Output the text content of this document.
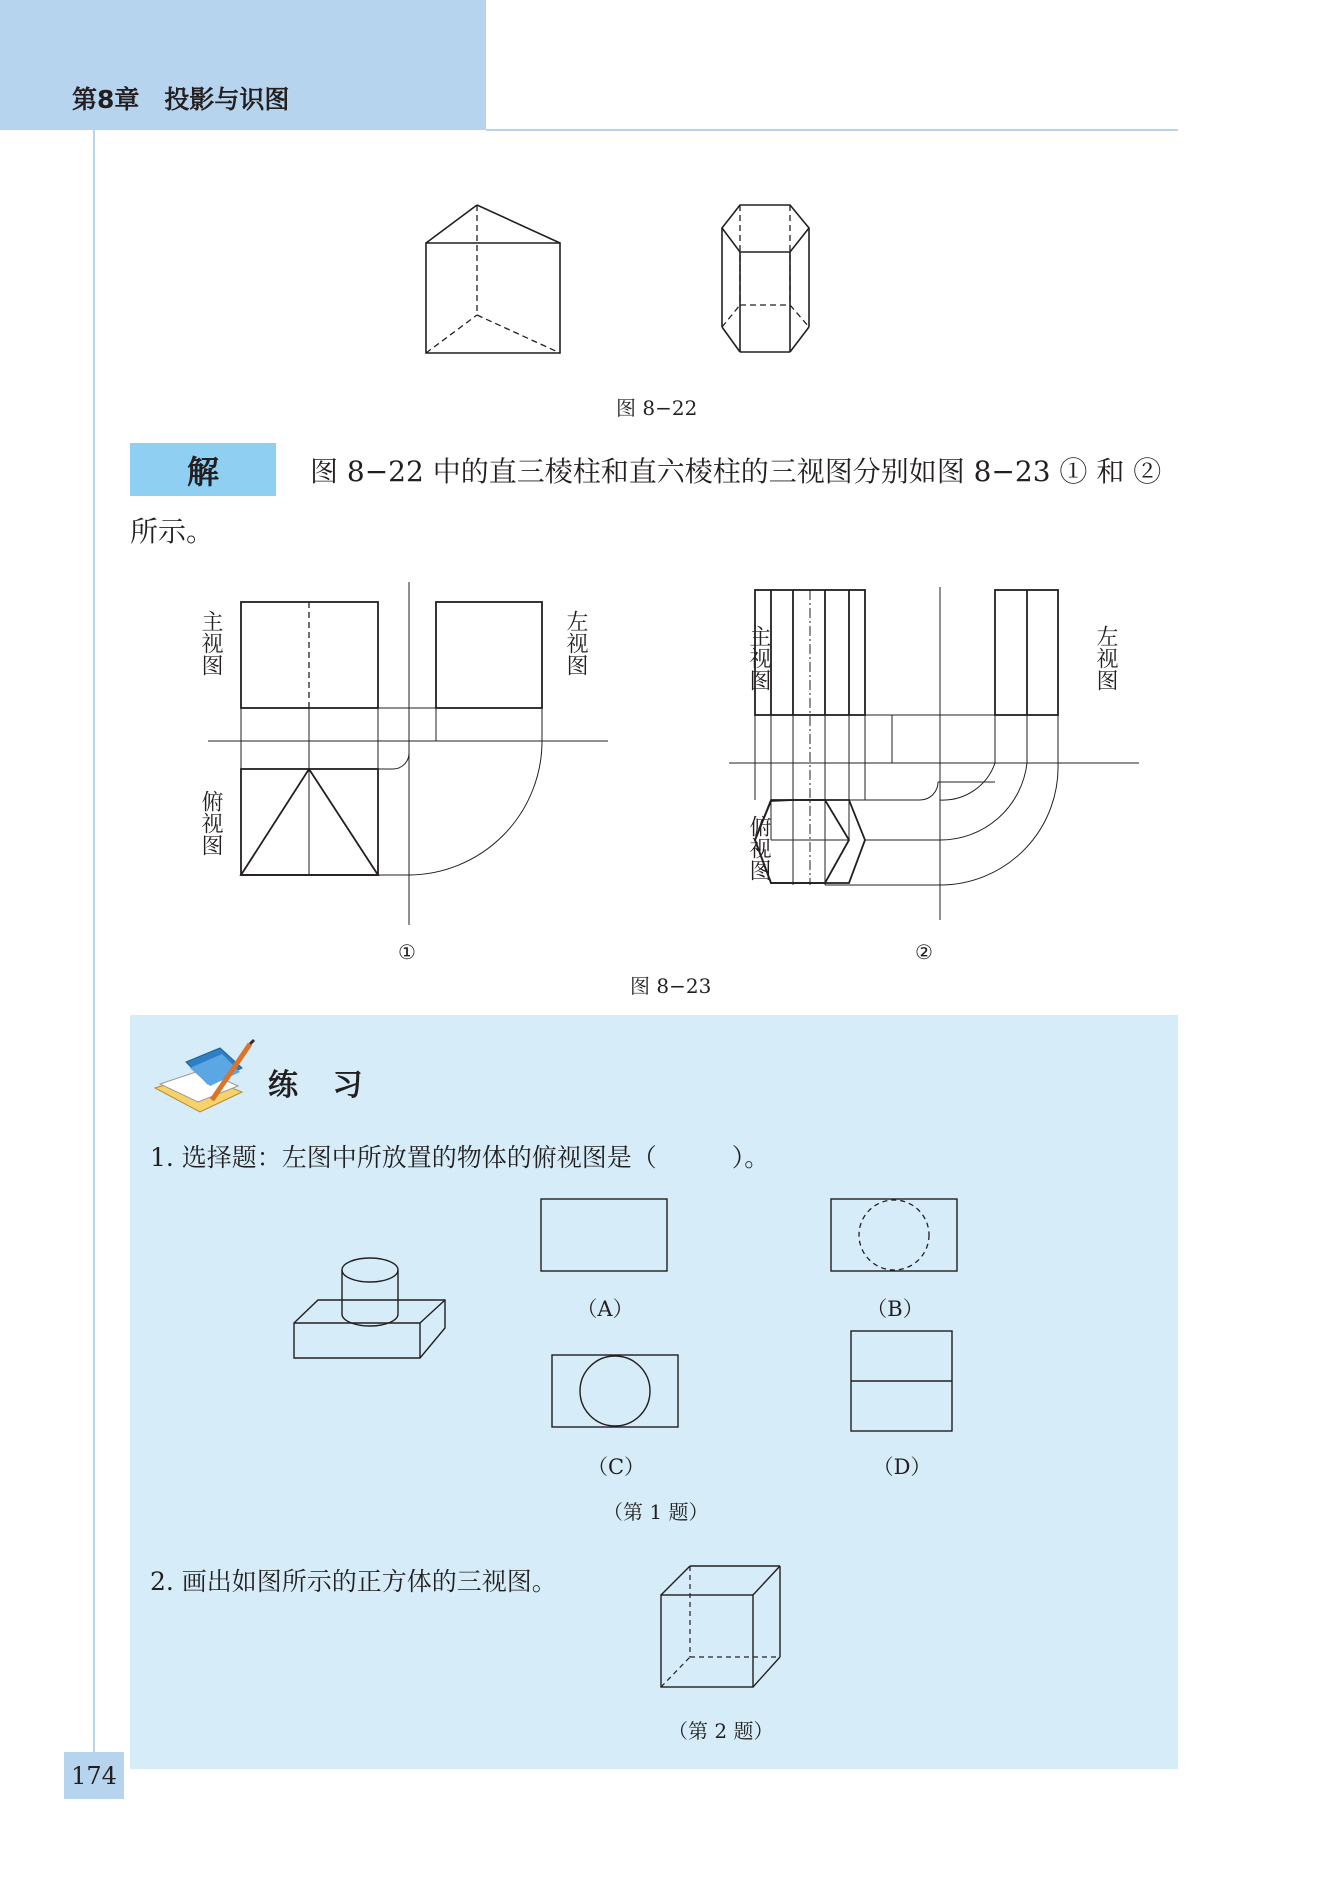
第8章　投影与识图
图 8−22
解	图 8−22 中的直三棱柱和直六棱柱的三视图分别如图 8−23 ① 和 ②
所示。
主视图	左视图
俯视图
①
主视图	左视图
俯视图
②
图 8−23
练 习
1. 选择题：左图中所放置的物体的俯视图是（　　　）。
（A）	（B）
（C）	（D）
（第 1 题）
2. 画出如图所示的正方体的三视图。
（第 2 题）
174
